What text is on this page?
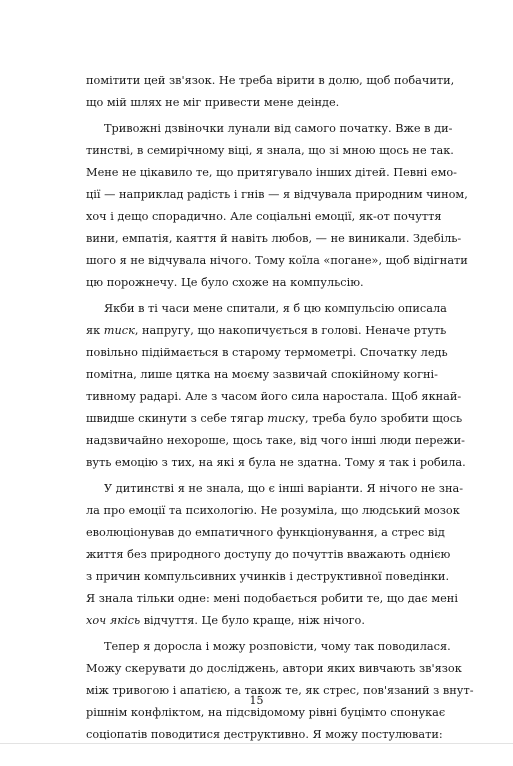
помітити цей зв'язок. Не треба вірити в долю, щоб побачити,
що мій шлях не міг привести мене деінде.
Тривожні дзвіночки лунали від самого початку. Вже в ди-
тинстві, в семирічному віці, я знала, що зі мною щось не так.
Мене не цікавило те, що притягувало інших дітей. Певні емо-
ції — наприклад радість і гнів — я відчувала природним чином,
хоч і дещо спорадично. Але соціальні емоції, як-от почуття
вини, емпатія, каяття й навіть любов, — не виникали. Здебіль-
шого я не відчувала нічого. Тому коїла «погане», щоб відігнати
цю порожнечу. Це було схоже на компульсію.
Якби в ті часи мене спитали, я б цю компульсію описала
як тиск, напругу, що накопичується в голові. Неначе ртуть
повільно підіймається в старому термометрі. Спочатку ледь
помітна, лише цятка на моєму зазвичай спокійному когні-
тивному радарі. Але з часом його сила наростала. Щоб якнай-
швидше скинути з себе тягар тиску, треба було зробити щось
надзвичайно нехороше, щось таке, від чого інші люди пережи-
вуть емоцію з тих, на які я була не здатна. Тому я так і робила.
У дитинстві я не знала, що є інші варіанти. Я нічого не зна-
ла про емоції та психологію. Не розуміла, що людський мозок
еволюціонував до емпатичного функціонування, а стрес від
життя без природного доступу до почуттів вважають однією
з причин компульсивних учинків і деструктивної поведінки.
Я знала тільки одне: мені подобається робити те, що дає мені
хоч якісь відчуття. Це було краще, ніж нічого.
Тепер я доросла і можу розповісти, чому так поводилася.
Можу скерувати до досліджень, автори яких вивчають зв'язок
між тривогою і апатією, а також те, як стрес, пов'язаний з внут-
рішнім конфліктом, на підсвідомому рівні буцімто спонукає
соціопатів поводитися деструктивно. Я можу постулювати:
15
